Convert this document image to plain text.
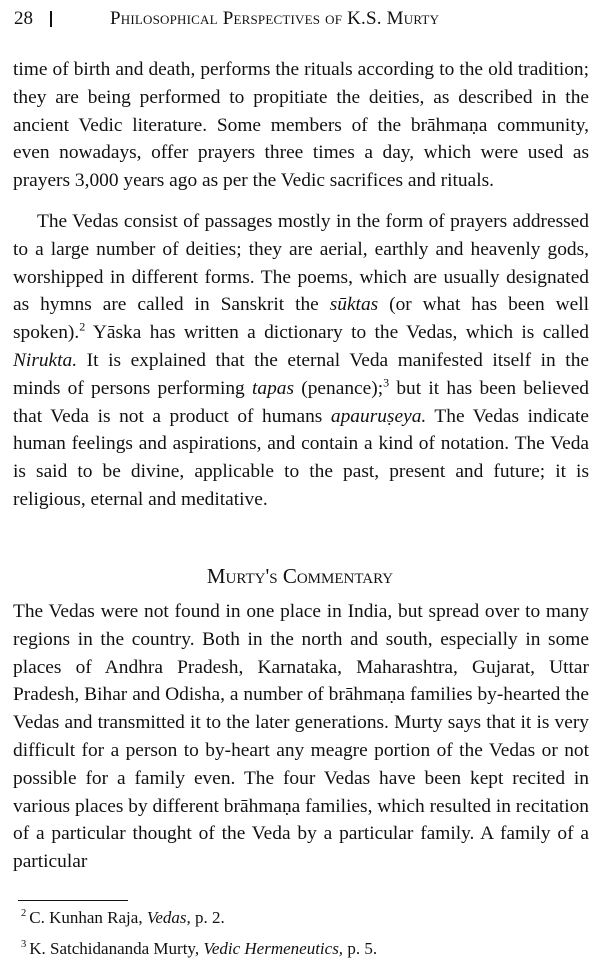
28	Philosophical Perspectives of K.S. Murty

time of birth and death, performs the rituals according to the old tradition; they are being performed to propitiate the deities, as described in the ancient Vedic literature. Some members of the brāhmaṇa community, even nowadays, offer prayers three times a day, which were used as prayers 3,000 years ago as per the Vedic sacrifices and rituals.

The Vedas consist of passages mostly in the form of prayers addressed to a large number of deities; they are aerial, earthly and heavenly gods, worshipped in different forms. The poems, which are usually designated as hymns are called in Sanskrit the sūktas (or what has been well spoken).$^2$ Yāska has written a dictionary to the Vedas, which is called Nirukta. It is explained that the eternal Veda manifested itself in the minds of persons performing tapas (penance);$^3$ but it has been believed that Veda is not a product of humans apauruṣeya. The Vedas indicate human feelings and aspirations, and contain a kind of notation. The Veda is said to be divine, applicable to the past, present and future; it is religious, eternal and meditative.

Murty's Commentary

The Vedas were not found in one place in India, but spread over to many regions in the country. Both in the north and south, especially in some places of Andhra Pradesh, Karnataka, Maharashtra, Gujarat, Uttar Pradesh, Bihar and Odisha, a number of brāhmaṇa families by-hearted the Vedas and transmitted it to the later generations. Murty says that it is very difficult for a person to by-heart any meagre portion of the Vedas or not possible for a family even. The four Vedas have been kept recited in various places by different brāhmaṇa families, which resulted in recitation of a particular thought of the Veda by a particular family. A family of a particular

$^2$ C. Kunhan Raja, Vedas, p. 2.

$^3$ K. Satchidananda Murty, Vedic Hermeneutics, p. 5.
